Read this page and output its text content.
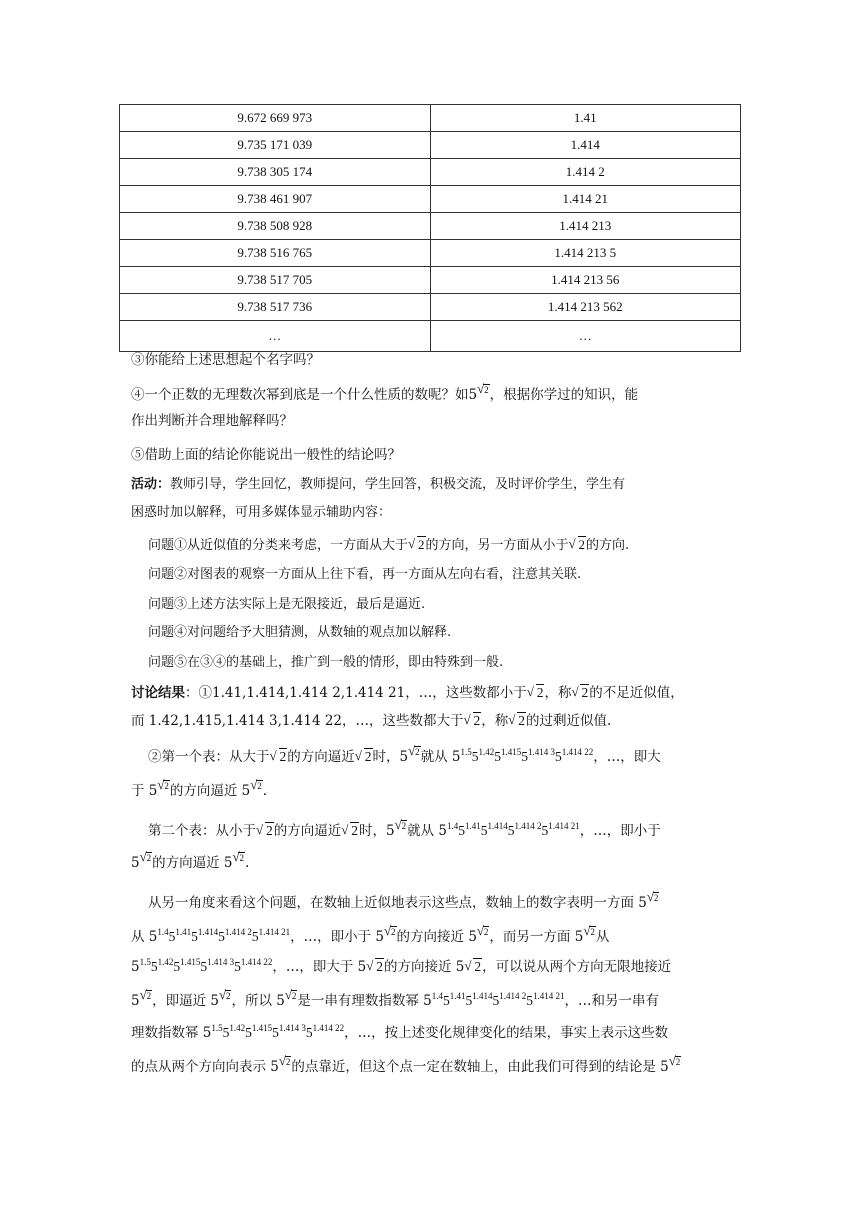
9.672 669 973	1.41
9.735 171 039	1.414
9.738 305 174	1.414 2
9.738 461 907	1.414 21
9.738 508 928	1.414 213
9.738 516 765	1.414 213 5
9.738 517 705	1.414 213 56
9.738 517 736	1.414 213 562
…	…
③你能给上述思想起个名字吗？
④一个正数的无理数次幂到底是一个什么性质的数呢？如5 $^2$，根据你学过的知识，能
作出判断并合理地解释吗？
⑤借助上面的结论你能说出一般性的结论吗？
活动：教师引导，学生回忆，教师提问，学生回答，积极交流，及时评价学生，学生有
困惑时加以解释，可用多媒体显示辅助内容：
问题①从近似值的分类来考虑，一方面从大于 √ 2的方向，另一方面从小于 √ 2的方向.
问题②对图表的观察一方面从上往下看，再一方面从左向右看，注意其关联.
问题③上述方法实际上是无限接近，最后是逼近.
问题④对问题给予大胆猜测，从数轴的观点加以解释.
问题⑤在③④的基础上，推广到一般的情形，即由特殊到一般.
讨论结果：①1.41,1.414,1.414 2,1.414 21，…，这些数都小于 √ 2，称 √ 2的不足近似值，
而 1.42,1.415,1.414 3,1.414 22，…，这些数都大于 √ 2，称 √ 2的过剩近似值.
②第一个表：从大于 √ 2的方向逼近 √ 2时，5 $^2$就从 $5^{1.5}5^{1.42}5^{1.415}5^{1.414 3}5^{1.414 22}$，…，即大
于 5 $^2$的方向逼近 5 $^2$.
第二个表：从小于 √ 2的方向逼近 √ 2时，5 $^2$就从 $5^{1.4}5^{1.41}5^{1.414}5^{1.414 2}5^{1.414 21}$，…，即小于
5 $^2$的方向逼近 5 $^2$.
从另一角度来看这个问题，在数轴上近似地表示这些点，数轴上的数字表明一方面 5 $^2$
从 $5^{1.4}5^{1.41}5^{1.414}5^{1.414 2}5^{1.414 21}$，…，即小于 5 $^2$的方向接近 5 $^2$，而另一方面 5 $^2$从
$5^{1.5}5^{1.42}5^{1.415}5^{1.414 3}5^{1.414 22}$，…，即大于 5 √ 2的方向接近 5 √ 2，可以说从两个方向无限地接近
5 $^2$，即逼近 5 $^2$，所以 5 $^2$是一串有理数指数幂 $5^{1.4}5^{1.41}5^{1.414}5^{1.414 2}5^{1.414 21}$，…和另一串有
理数指数幂 $5^{1.5}5^{1.42}5^{1.415}5^{1.414 3}5^{1.414 22}$，…，按上述变化规律变化的结果，事实上表示这些数
的点从两个方向向表示 5 $^2$的点靠近，但这个点一定在数轴上，由此我们可得到的结论是 5 $^2$
